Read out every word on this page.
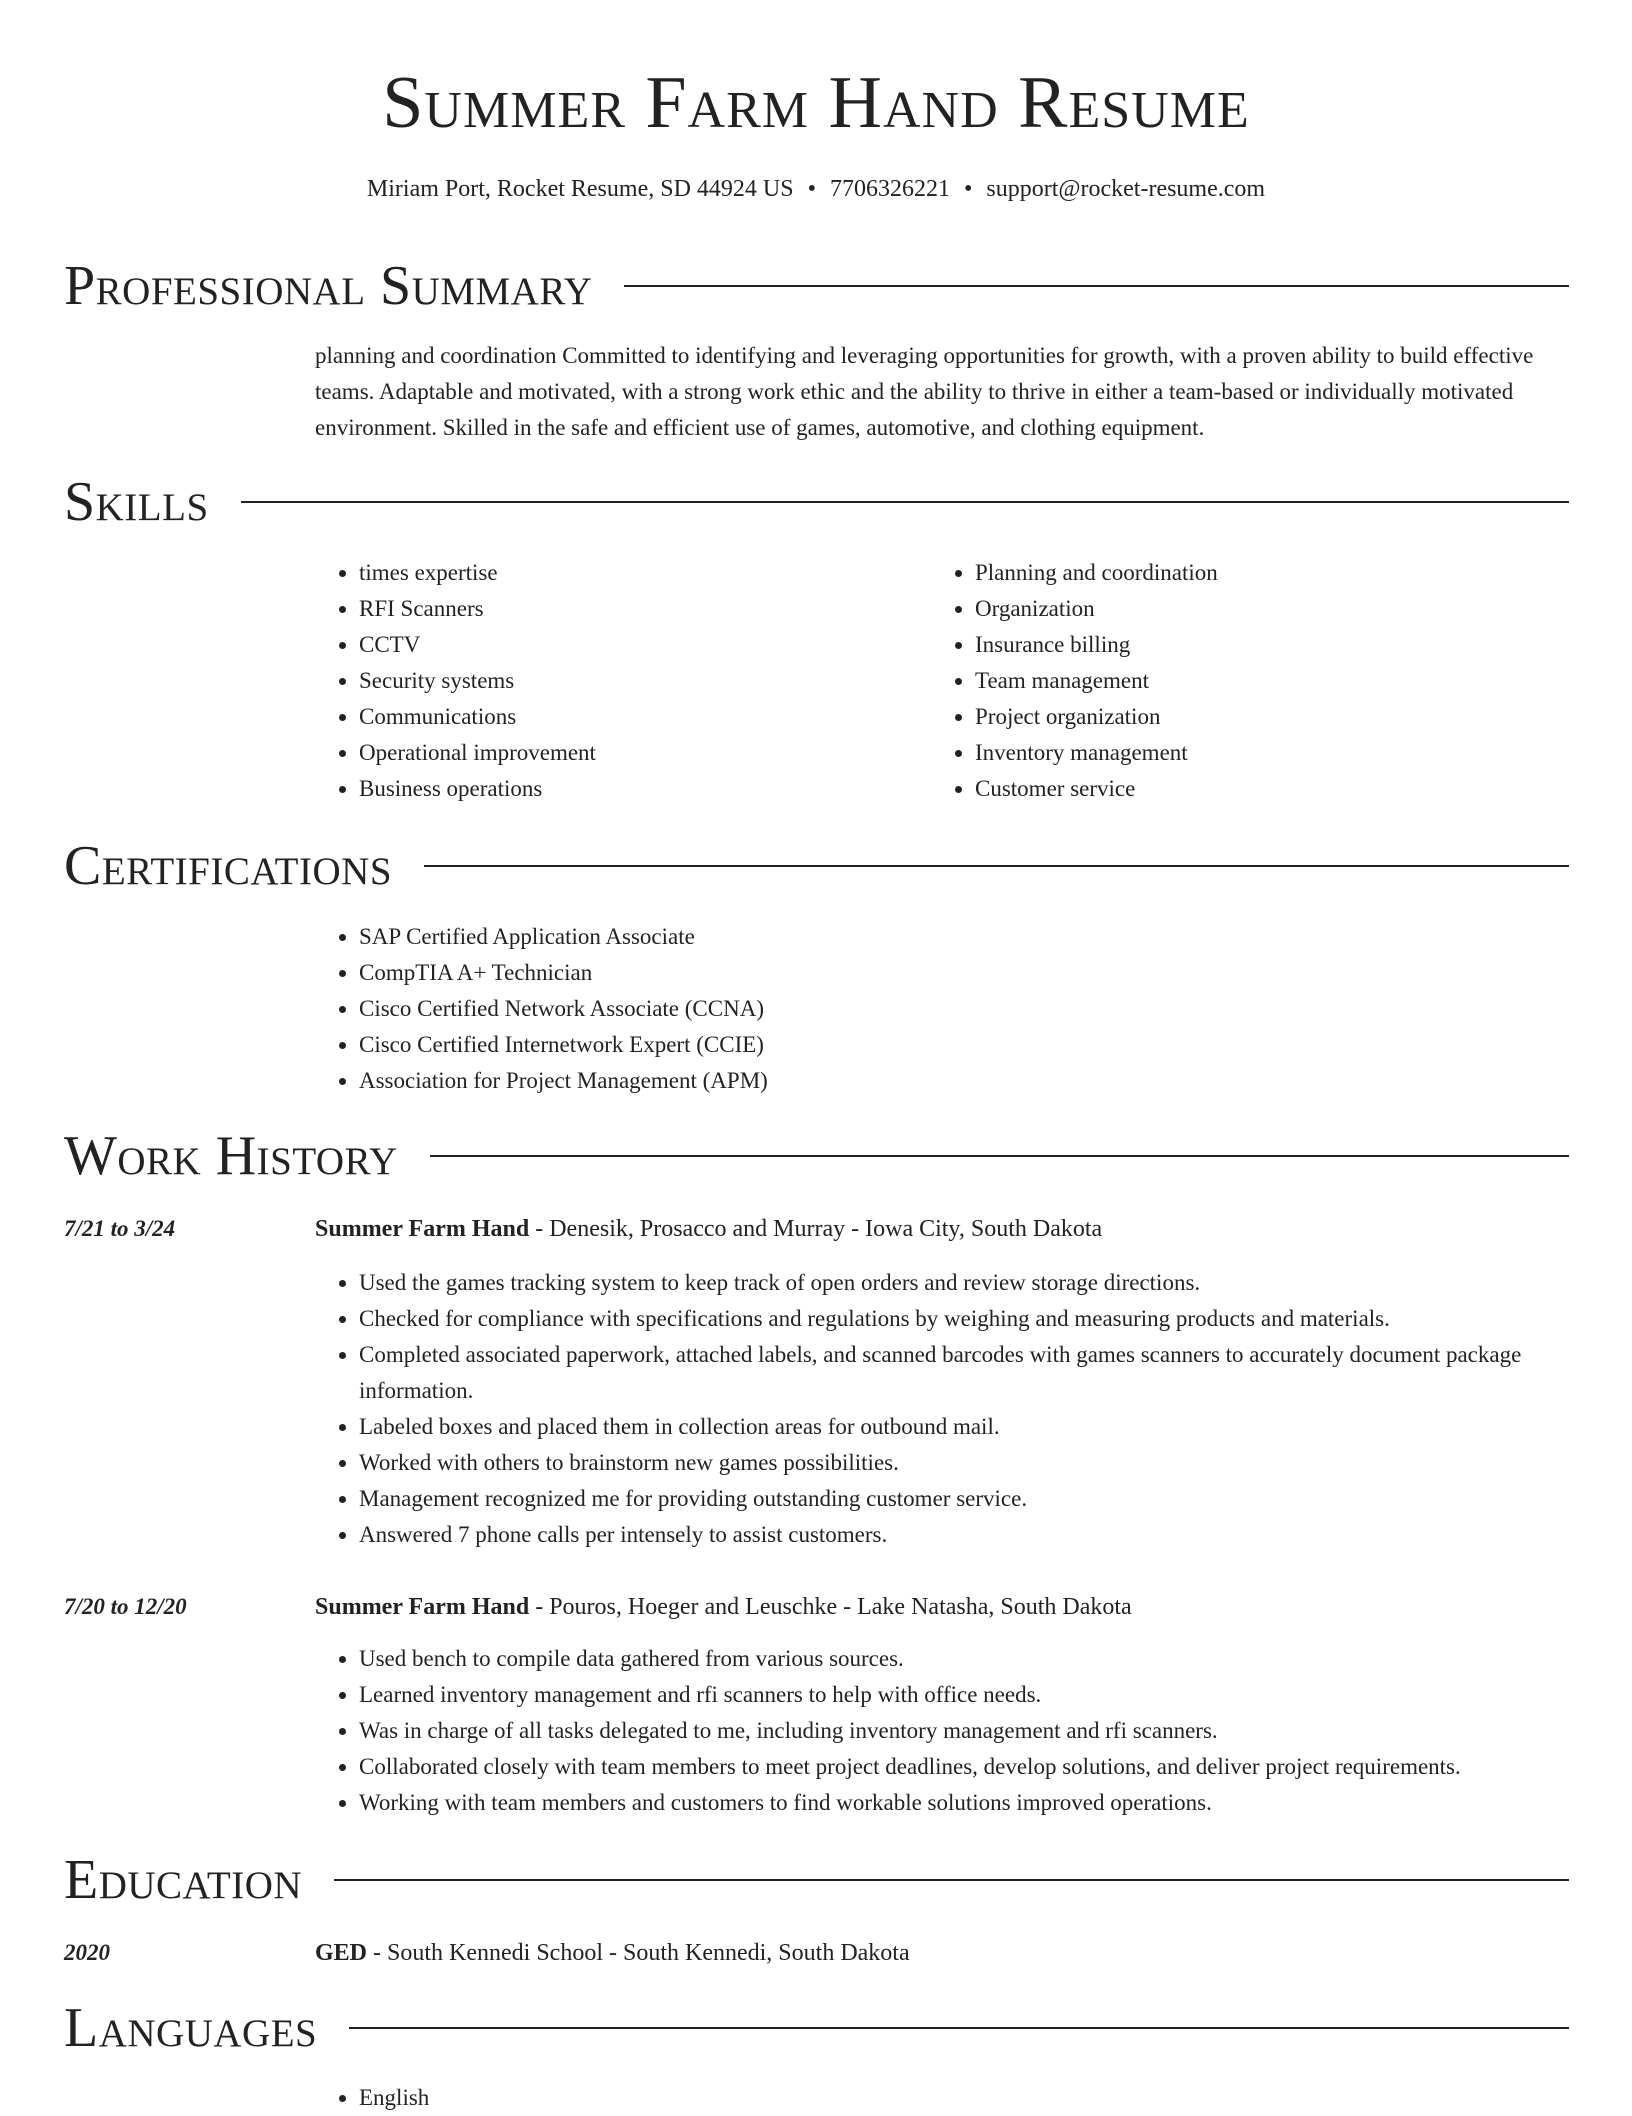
Summer Farm Hand Resume
Miriam Port, Rocket Resume, SD 44924 US • 7706326221 • support@rocket-resume.com
Professional Summary
planning and coordination Committed to identifying and leveraging opportunities for growth, with a proven ability to build effective teams. Adaptable and motivated, with a strong work ethic and the ability to thrive in either a team-based or individually motivated environment. Skilled in the safe and efficient use of games, automotive, and clothing equipment.
Skills
• times expertise
• RFI Scanners
• CCTV
• Security systems
• Communications
• Operational improvement
• Business operations
• Planning and coordination
• Organization
• Insurance billing
• Team management
• Project organization
• Inventory management
• Customer service
Certifications
• SAP Certified Application Associate
• CompTIA A+ Technician
• Cisco Certified Network Associate (CCNA)
• Cisco Certified Internetwork Expert (CCIE)
• Association for Project Management (APM)
Work History
7/21 to 3/24	Summer Farm Hand - Denesik, Prosacco and Murray - Iowa City, South Dakota
• Used the games tracking system to keep track of open orders and review storage directions.
• Checked for compliance with specifications and regulations by weighing and measuring products and materials.
• Completed associated paperwork, attached labels, and scanned barcodes with games scanners to accurately document package information.
• Labeled boxes and placed them in collection areas for outbound mail.
• Worked with others to brainstorm new games possibilities.
• Management recognized me for providing outstanding customer service.
• Answered 7 phone calls per intensely to assist customers.
7/20 to 12/20	Summer Farm Hand - Pouros, Hoeger and Leuschke - Lake Natasha, South Dakota
• Used bench to compile data gathered from various sources.
• Learned inventory management and rfi scanners to help with office needs.
• Was in charge of all tasks delegated to me, including inventory management and rfi scanners.
• Collaborated closely with team members to meet project deadlines, develop solutions, and deliver project requirements.
• Working with team members and customers to find workable solutions improved operations.
Education
2020	GED - South Kennedi School - South Kennedi, South Dakota
Languages
• English
